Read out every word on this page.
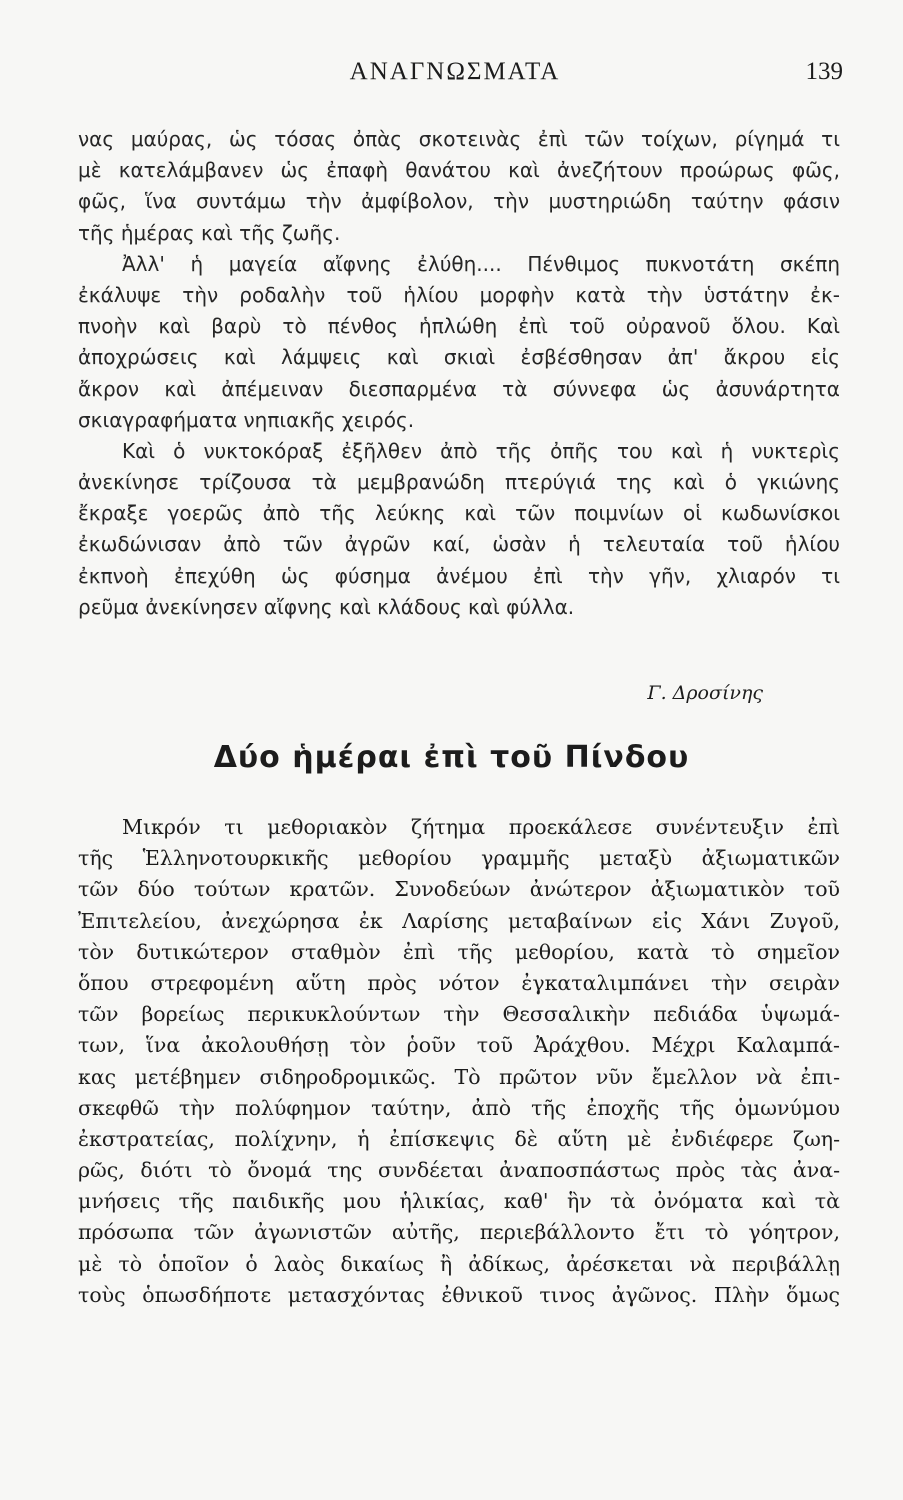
ΑΝΑΓΝΩΣΜΑΤΑ	139
νας μαύρας, ὡς τόσας ὀπὰς σκοτεινὰς ἐπὶ τῶν τοίχων, ρίγημά τι
μὲ κατελάμβανεν ὡς ἐπαφὴ θανάτου καὶ ἀνεζήτουν προώρως φῶς,
φῶς, ἵνα συντάμω τὴν ἀμφίβολον, τὴν μυστηριώδη ταύτην φάσιν
τῆς ἡμέρας καὶ τῆς ζωῆς.
Ἀλλ' ἡ μαγεία αἴφνης ἐλύθη.... Πένθιμος πυκνοτάτη σκέπη
ἐκάλυψε τὴν ροδαλὴν τοῦ ἡλίου μορφὴν κατὰ τὴν ὑστάτην ἐκ-
πνοὴν καὶ βαρὺ τὸ πένθος ἡπλώθη ἐπὶ τοῦ οὐρανοῦ ὅλου. Καὶ
ἀποχρώσεις καὶ λάμψεις καὶ σκιαὶ ἐσβέσθησαν ἀπ' ἄκρου εἰς
ἄκρον καὶ ἀπέμειναν διεσπαρμένα τὰ σύννεφα ὡς ἀσυνάρτητα
σκιαγραφήματα νηπιακῆς χειρός.
Καὶ ὁ νυκτοκόραξ ἐξῆλθεν ἀπὸ τῆς ὀπῆς του καὶ ἡ νυκτερὶς
ἀνεκίνησε τρίζουσα τὰ μεμβρανώδη πτερύγιά της καὶ ὁ γκιώνης
ἔκραξε γοερῶς ἀπὸ τῆς λεύκης καὶ τῶν ποιμνίων οἱ κωδωνίσκοι
ἐκωδώνισαν ἀπὸ τῶν ἀγρῶν καί, ὡσὰν ἡ τελευταία τοῦ ἡλίου
ἐκπνοὴ ἐπεχύθη ὡς φύσημα ἀνέμου ἐπὶ τὴν γῆν, χλιαρόν τι
ρεῦμα ἀνεκίνησεν αἴφνης καὶ κλάδους καὶ φύλλα.
Γ. Δροσίνης
Δύο ἡμέραι ἐπὶ τοῦ Πίνδου
Μικρόν τι μεθοριακὸν ζήτημα προεκάλεσε συνέντευξιν ἐπὶ
τῆς Ἑλληνοτουρκικῆς μεθορίου γραμμῆς μεταξὺ ἀξιωματικῶν
τῶν δύο τούτων κρατῶν. Συνοδεύων ἀνώτερον ἀξιωματικὸν τοῦ
Ἐπιτελείου, ἀνεχώρησα ἐκ Λαρίσης μεταβαίνων εἰς Χάνι Ζυγοῦ,
τὸν δυτικώτερον σταθμὸν ἐπὶ τῆς μεθορίου, κατὰ τὸ σημεῖον
ὅπου στρεφομένη αὕτη πρὸς νότον ἐγκαταλιμπάνει τὴν σειρὰν
τῶν βορείως περικυκλούντων τὴν Θεσσαλικὴν πεδιάδα ὑψωμά-
των, ἵνα ἀκολουθήσῃ τὸν ῥοῦν τοῦ Ἀράχθου. Μέχρι Καλαμπά-
κας μετέβημεν σιδηροδρομικῶς. Τὸ πρῶτον νῦν ἔμελλον νὰ ἐπι-
σκεφθῶ τὴν πολύφημον ταύτην, ἀπὸ τῆς ἐποχῆς τῆς ὁμωνύμου
ἐκστρατείας, πολίχνην, ἡ ἐπίσκεψις δὲ αὕτη μὲ ἐνδιέφερε ζωη-
ρῶς, διότι τὸ ὄνομά της συνδέεται ἀναποσπάστως πρὸς τὰς ἀνα-
μνήσεις τῆς παιδικῆς μου ἡλικίας, καθ' ἣν τὰ ὀνόματα καὶ τὰ
πρόσωπα τῶν ἀγωνιστῶν αὐτῆς, περιεβάλλοντο ἔτι τὸ γόητρον,
μὲ τὸ ὁποῖον ὁ λαὸς δικαίως ἢ ἀδίκως, ἀρέσκεται νὰ περιβάλλῃ
τοὺς ὁπωσδήποτε μετασχόντας ἐθνικοῦ τινος ἀγῶνος. Πλὴν ὅμως
